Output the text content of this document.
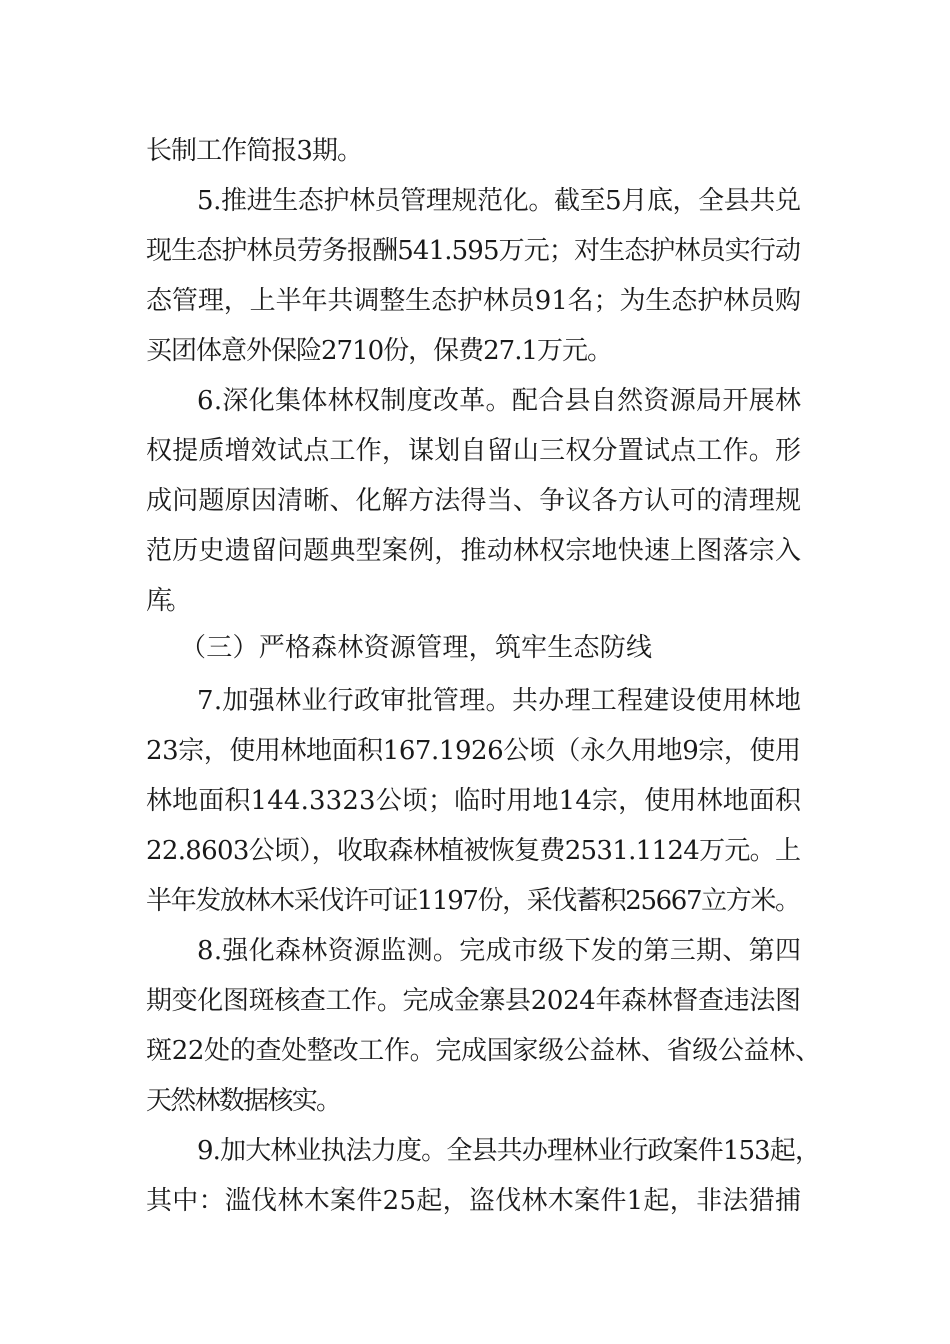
长制工作简报3期。
5.推进生态护林员管理规范化。截至5月底，全县共兑
现生态护林员劳务报酬541.595万元；对生态护林员实行动
态管理，上半年共调整生态护林员91名；为生态护林员购
买团体意外保险2710份，保费27.1万元。
6.深化集体林权制度改革。配合县自然资源局开展林
权提质增效试点工作，谋划自留山三权分置试点工作。形
成问题原因清晰、化解方法得当、争议各方认可的清理规
范历史遗留问题典型案例，推动林权宗地快速上图落宗入
库。
（三）严格森林资源管理，筑牢生态防线
7.加强林业行政审批管理。共办理工程建设使用林地
23宗，使用林地面积167.1926公顷（永久用地9宗，使用
林地面积144.3323公顷；临时用地14宗，使用林地面积
22.8603公顷），收取森林植被恢复费2531.1124万元。上
半年发放林木采伐许可证1197份，采伐蓄积25667立方米。
8.强化森林资源监测。完成市级下发的第三期、第四
期变化图斑核查工作。完成金寨县2024年森林督查违法图
斑22处的查处整改工作。完成国家级公益林、省级公益林、
天然林数据核实。
9.加大林业执法力度。全县共办理林业行政案件153起，
其中：滥伐林木案件25起，盗伐林木案件1起，非法猎捕
